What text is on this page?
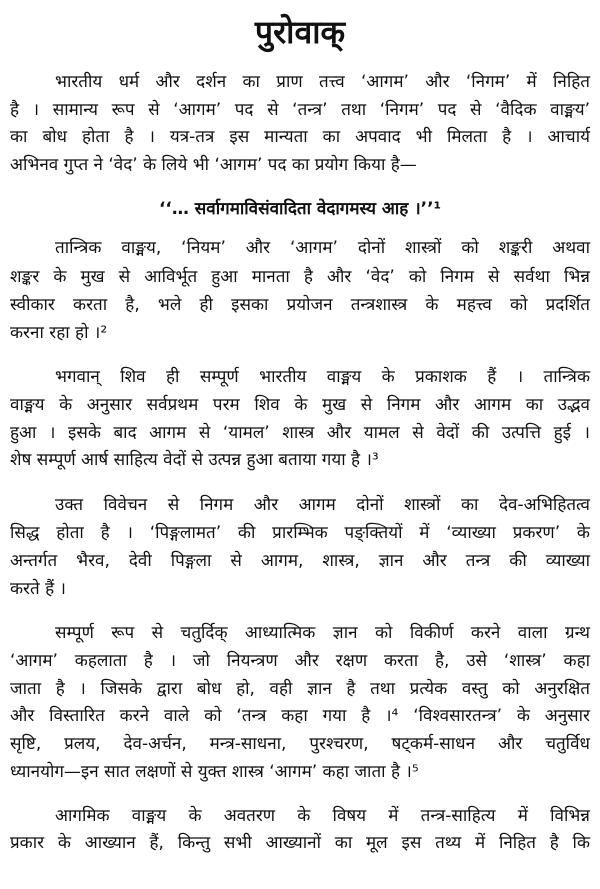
पुरोवाक्
भारतीय धर्म और दर्शन का प्राण तत्त्व ‘आगम’ और ‘निगम’ में निहित
है । सामान्य रूप से ‘आगम’ पद से ‘तन्त्र’ तथा ‘निगम’ पद से ‘वैदिक वाङ्मय’
का बोध होता है । यत्र-तत्र इस मान्यता का अपवाद भी मिलता है । आचार्य
अभिनव गुप्त ने ‘वेद’ के लिये भी ‘आगम’ पद का प्रयोग किया है—
‘‘… सर्वागमाविसंवादिता वेदागमस्य आह ।’’¹
तान्त्रिक वाङ्मय, ‘नियम’ और ‘आगम’ दोनों शास्त्रों को शङ्करी अथवा
शङ्कर के मुख से आविर्भूत हुआ मानता है और ‘वेद’ को निगम से सर्वथा भिन्न
स्वीकार करता है, भले ही इसका प्रयोजन तन्त्रशास्त्र के महत्त्व को प्रदर्शित
करना रहा हो ।²
भगवान् शिव ही सम्पूर्ण भारतीय वाङ्मय के प्रकाशक हैं । तान्त्रिक
वाङ्मय के अनुसार सर्वप्रथम परम शिव के मुख से निगम और आगम का उद्भव
हुआ । इसके बाद आगम से ‘यामल’ शास्त्र और यामल से वेदों की उत्पत्ति हुई ।
शेष सम्पूर्ण आर्ष साहित्य वेदों से उत्पन्न हुआ बताया गया है ।³
उक्त विवेचन से निगम और आगम दोनों शास्त्रों का देव-अभिहितत्व
सिद्ध होता है । ‘पिङ्गलामत’ की प्रारम्भिक पङ्क्तियों में ‘व्याख्या प्रकरण’ के
अन्तर्गत भैरव, देवी पिङ्गला से आगम, शास्त्र, ज्ञान और तन्त्र की व्याख्या
करते हैं ।
सम्पूर्ण रूप से चतुर्दिक् आध्यात्मिक ज्ञान को विकीर्ण करने वाला ग्रन्थ
‘आगम’ कहलाता है । जो नियन्त्रण और रक्षण करता है, उसे ‘शास्त्र’ कहा
जाता है । जिसके द्वारा बोध हो, वही ज्ञान है तथा प्रत्येक वस्तु को अनुरक्षित
और विस्तारित करने वाले को ‘तन्त्र कहा गया है ।⁴ ‘विश्वसारतन्त्र’ के अनुसार
सृष्टि, प्रलय, देव-अर्चन, मन्त्र-साधना, पुरश्चरण, षट्कर्म-साधन और चतुर्विध
ध्यानयोग—इन सात लक्षणों से युक्त शास्त्र ‘आगम’ कहा जाता है ।⁵
आगमिक वाङ्मय के अवतरण के विषय में तन्त्र-साहित्य में विभिन्न
प्रकार के आख्यान हैं, किन्तु सभी आख्यानों का मूल इस तथ्य में निहित है कि
